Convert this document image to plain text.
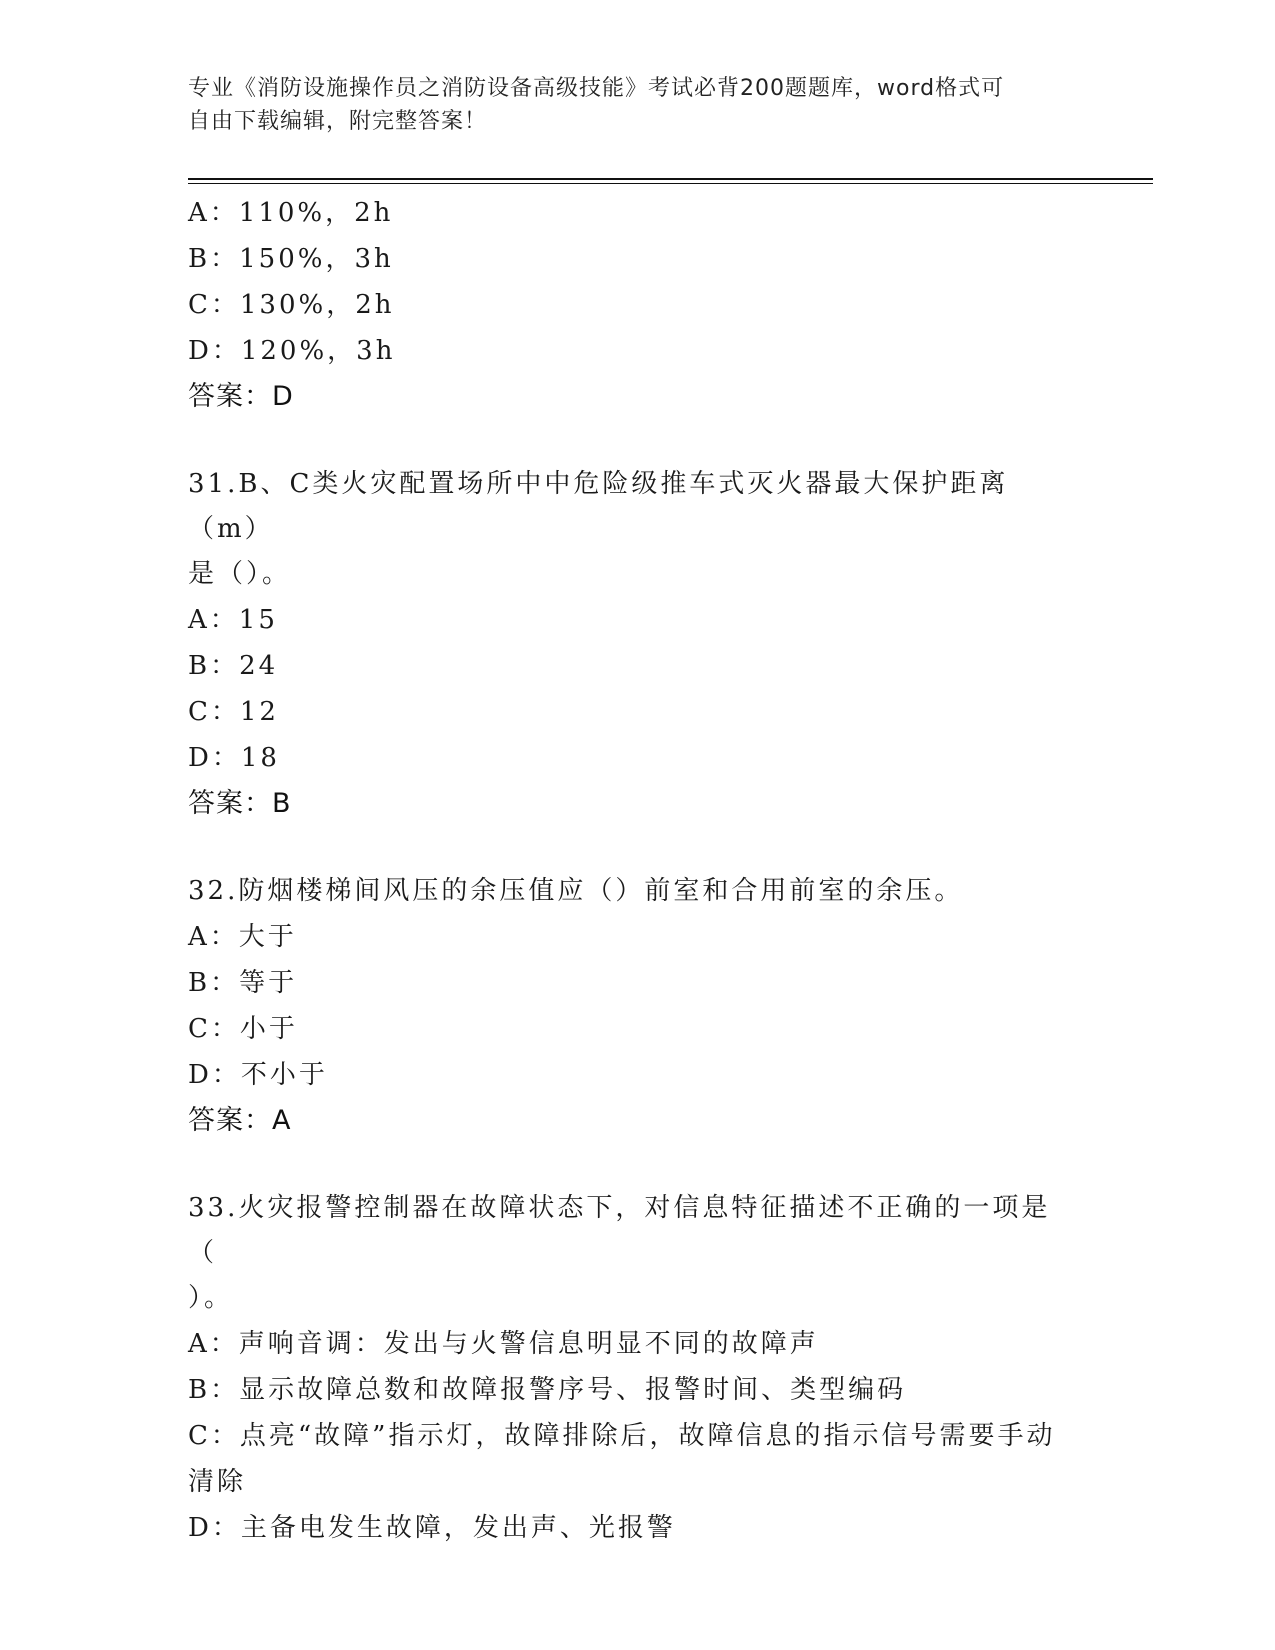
专业《消防设施操作员之消防设备高级技能》考试必背200题题库，word格式可
自由下载编辑，附完整答案！
A：110%，2h
B：150%，3h
C：130%，2h
D：120%，3h
答案：D
31.B、C类火灾配置场所中中危险级推车式灭火器最大保护距离（m）
是（）。
A：15
B：24
C：12
D：18
答案：B
32.防烟楼梯间风压的余压值应（）前室和合用前室的余压。
A：大于
B：等于
C：小于
D：不小于
答案：A
33.火灾报警控制器在故障状态下，对信息特征描述不正确的一项是（
）。
A：声响音调：发出与火警信息明显不同的故障声
B：显示故障总数和故障报警序号、报警时间、类型编码
C：点亮“故障”指示灯，故障排除后，故障信息的指示信号需要手动
清除
D：主备电发生故障，发出声、光报警
